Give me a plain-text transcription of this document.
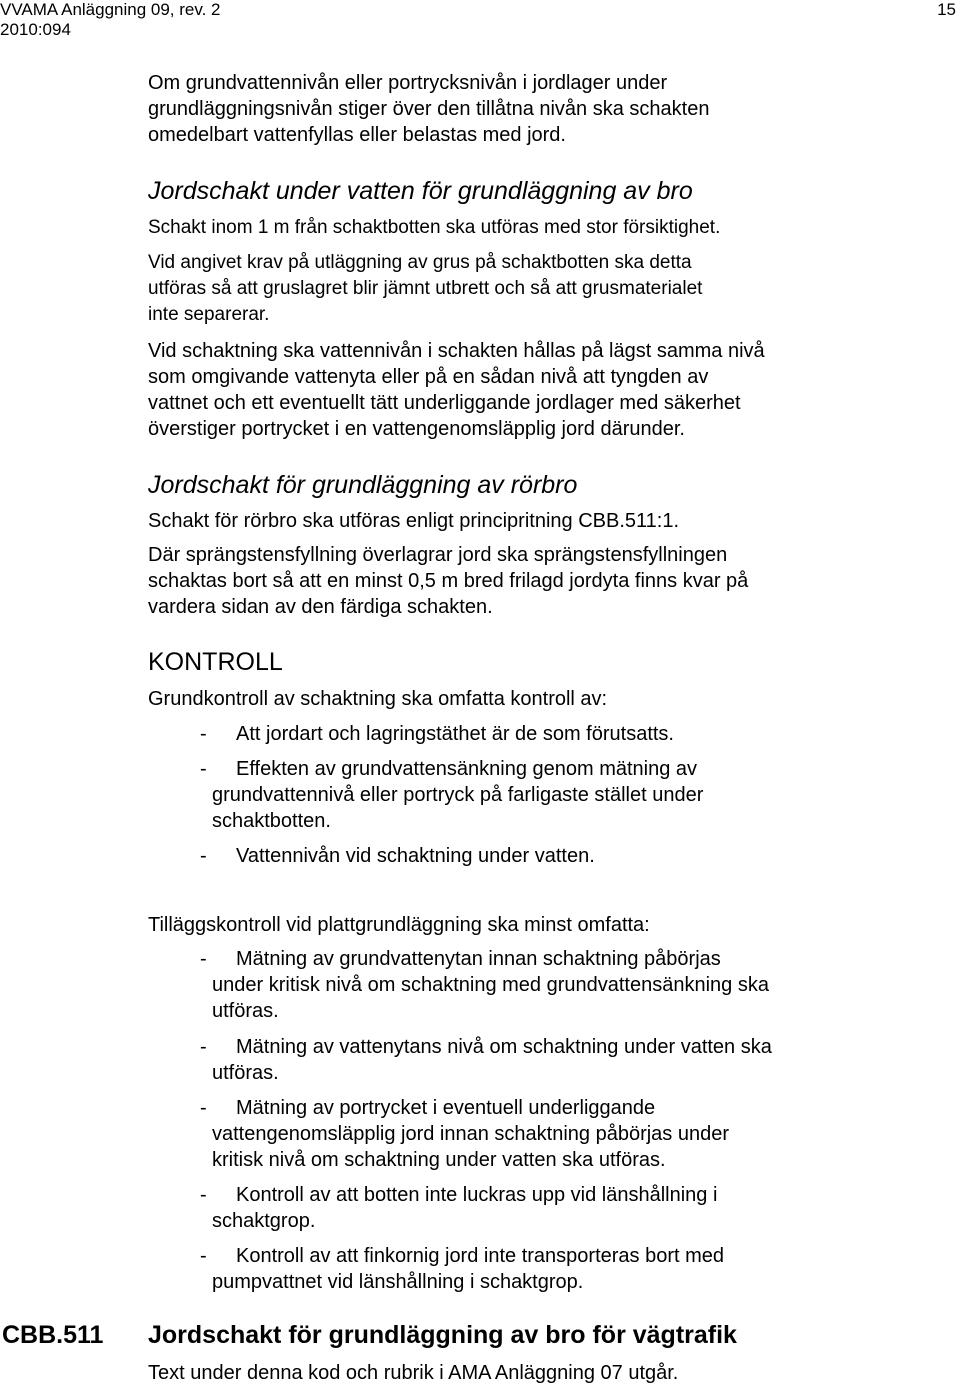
VVAMA Anläggning 09, rev. 2
2010:094
15
Om grundvattennivån eller portrycksnivån i jordlager under
grundläggningsnivån stiger över den tillåtna nivån ska schakten
omedelbart vattenfyllas eller belastas med jord.
Jordschakt under vatten för grundläggning av bro
Schakt inom 1 m från schaktbotten ska utföras med stor försiktighet.
Vid angivet krav på utläggning av grus på schaktbotten ska detta
utföras så att gruslagret blir jämnt utbrett och så att grusmaterialet
inte separerar.
Vid schaktning ska vattennivån i schakten hållas på lägst samma nivå
som omgivande vattenyta eller på en sådan nivå att tyngden av
vattnet och ett eventuellt tätt underliggande jordlager med säkerhet
överstiger portrycket i en vattengenomsläpplig jord därunder.
Jordschakt för grundläggning av rörbro
Schakt för rörbro ska utföras enligt principritning CBB.511:1.
Där sprängstensfyllning överlagrar jord ska sprängstensfyllningen
schaktas bort så att en minst 0,5 m bred frilagd jordyta finns kvar på
vardera sidan av den färdiga schakten.
KONTROLL
Grundkontroll av schaktning ska omfatta kontroll av:
-	Att jordart och lagringstäthet är de som förutsatts.
-	Effekten av grundvattensänkning genom mätning av
grundvattennivå eller portryck på farligaste stället under
schaktbotten.
-	Vattennivån vid schaktning under vatten.
Tilläggskontroll vid plattgrundläggning ska minst omfatta:
-	Mätning av grundvattenytan innan schaktning påbörjas
under kritisk nivå om schaktning med grundvattensänkning ska
utföras.
-	Mätning av vattenytans nivå om schaktning under vatten ska
utföras.
-	Mätning av portrycket i eventuell underliggande
vattengenomsläpplig jord innan schaktning påbörjas under
kritisk nivå om schaktning under vatten ska utföras.
-	Kontroll av att botten inte luckras upp vid länshållning i
schaktgrop.
-	Kontroll av att finkornig jord inte transporteras bort med
pumpvattnet vid länshållning i schaktgrop.
CBB.511 Jordschakt för grundläggning av bro för vägtrafik
Text under denna kod och rubrik i AMA Anläggning 07 utgår.
